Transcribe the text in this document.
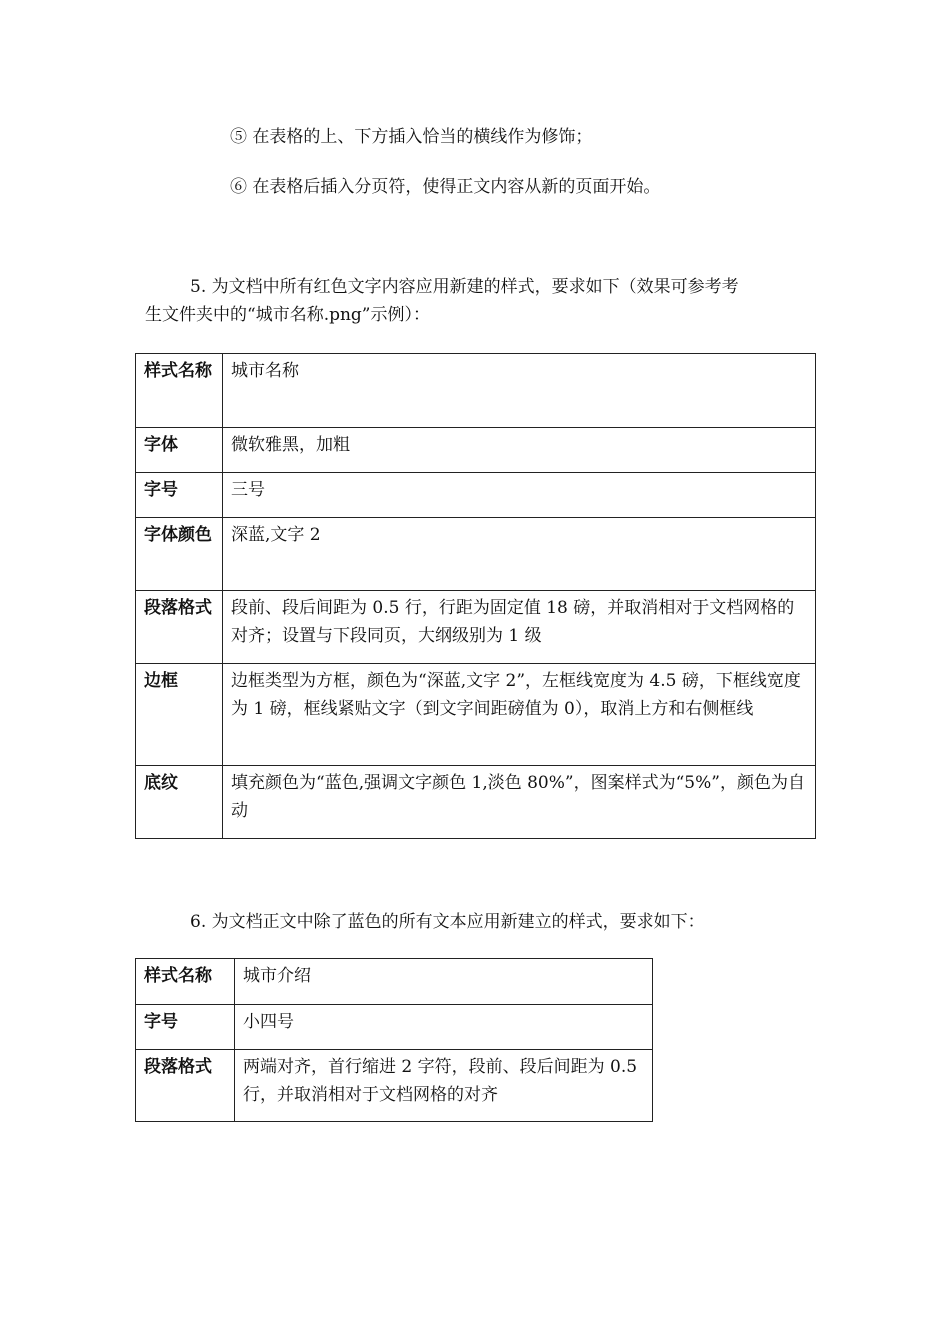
⑤ 在表格的上、下方插入恰当的横线作为修饰；
⑥ 在表格后插入分页符，使得正文内容从新的页面开始。
5. 为文档中所有红色文字内容应用新建的样式，要求如下（效果可参考考
生文件夹中的“城市名称.png”示例）：
样式名称	城市名称
字体	微软雅黑，加粗
字号	三号
字体颜色	深蓝,文字 2
段落格式	段前、段后间距为 0.5 行，行距为固定值 18 磅，并取消相对于文档网格的对齐；设置与下段同页，大纲级别为 1 级
边框	边框类型为方框，颜色为“深蓝,文字 2”，左框线宽度为 4.5 磅，下框线宽度为 1 磅，框线紧贴文字（到文字间距磅值为 0），取消上方和右侧框线
底纹	填充颜色为“蓝色,强调文字颜色 1,淡色 80%”，图案样式为“5%”，颜色为自动
6. 为文档正文中除了蓝色的所有文本应用新建立的样式，要求如下：
样式名称	城市介绍
字号	小四号
段落格式	两端对齐，首行缩进 2 字符，段前、段后间距为 0.5 行，并取消相对于文档网格的对齐
